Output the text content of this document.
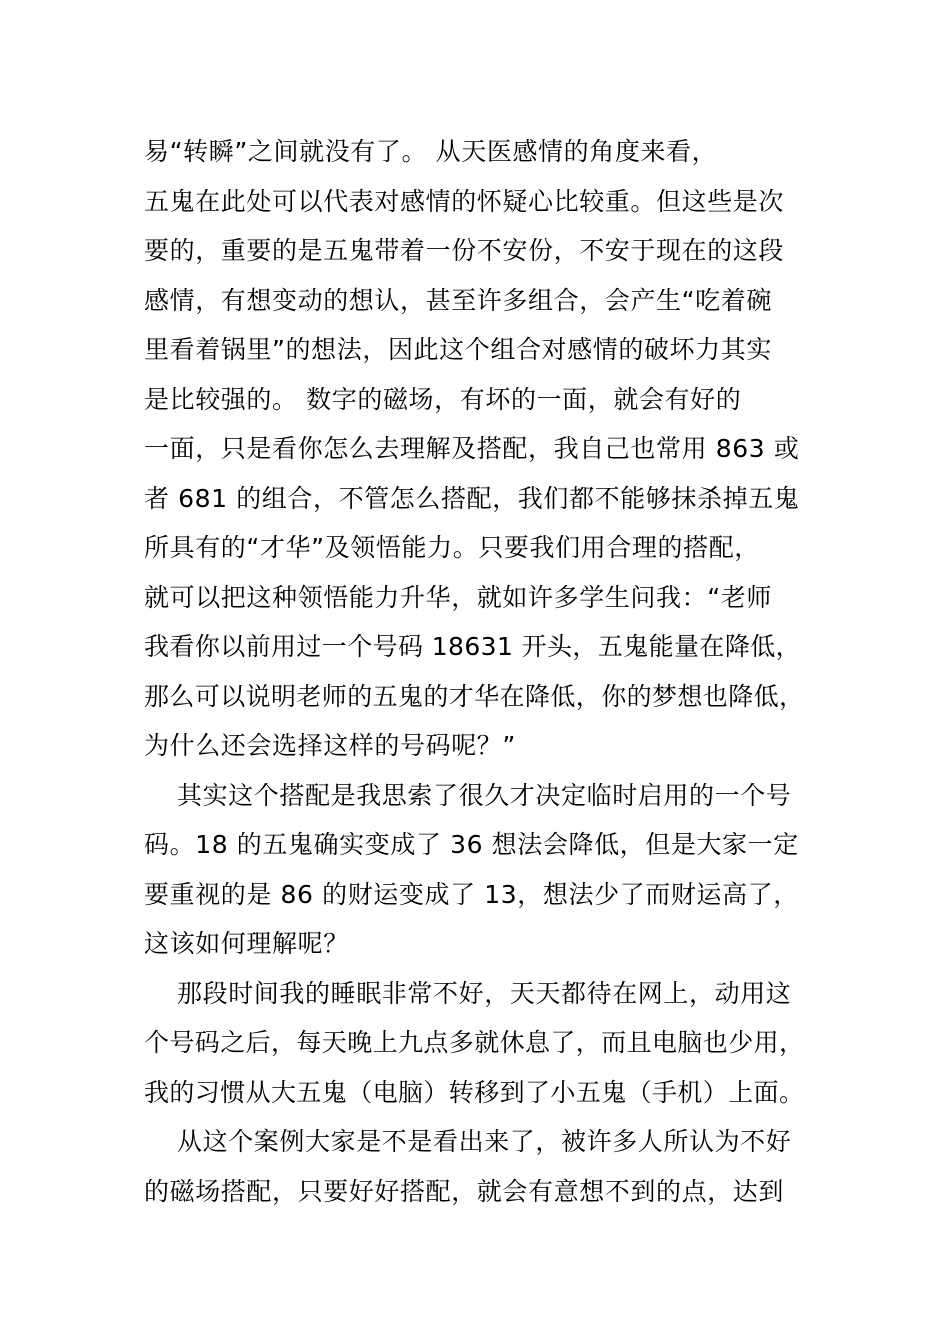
易“转瞬”之间就没有了。 从天医感情的角度来看，
五鬼在此处可以代表对感情的怀疑心比较重。但这些是次
要的，重要的是五鬼带着一份不安份，不安于现在的这段
感情，有想变动的想认，甚至许多组合，会产生“吃着碗
里看着锅里”的想法，因此这个组合对感情的破坏力其实
是比较强的。 数字的磁场，有坏的一面，就会有好的
一面，只是看你怎么去理解及搭配，我自己也常用 863 或
者 681 的组合，不管怎么搭配，我们都不能够抹杀掉五鬼
所具有的“才华”及领悟能力。只要我们用合理的搭配，
就可以把这种领悟能力升华，就如许多学生问我：“老师
我看你以前用过一个号码 18631 开头，五鬼能量在降低，
那么可以说明老师的五鬼的才华在降低，你的梦想也降低，
为什么还会选择这样的号码呢？”
其实这个搭配是我思索了很久才决定临时启用的一个号
码。18 的五鬼确实变成了 36 想法会降低，但是大家一定
要重视的是 86 的财运变成了 13，想法少了而财运高了，
这该如何理解呢？
那段时间我的睡眠非常不好，天天都待在网上，动用这
个号码之后，每天晚上九点多就休息了，而且电脑也少用，
我的习惯从大五鬼（电脑）转移到了小五鬼（手机）上面。
从这个案例大家是不是看出来了，被许多人所认为不好
的磁场搭配，只要好好搭配，就会有意想不到的点，达到
